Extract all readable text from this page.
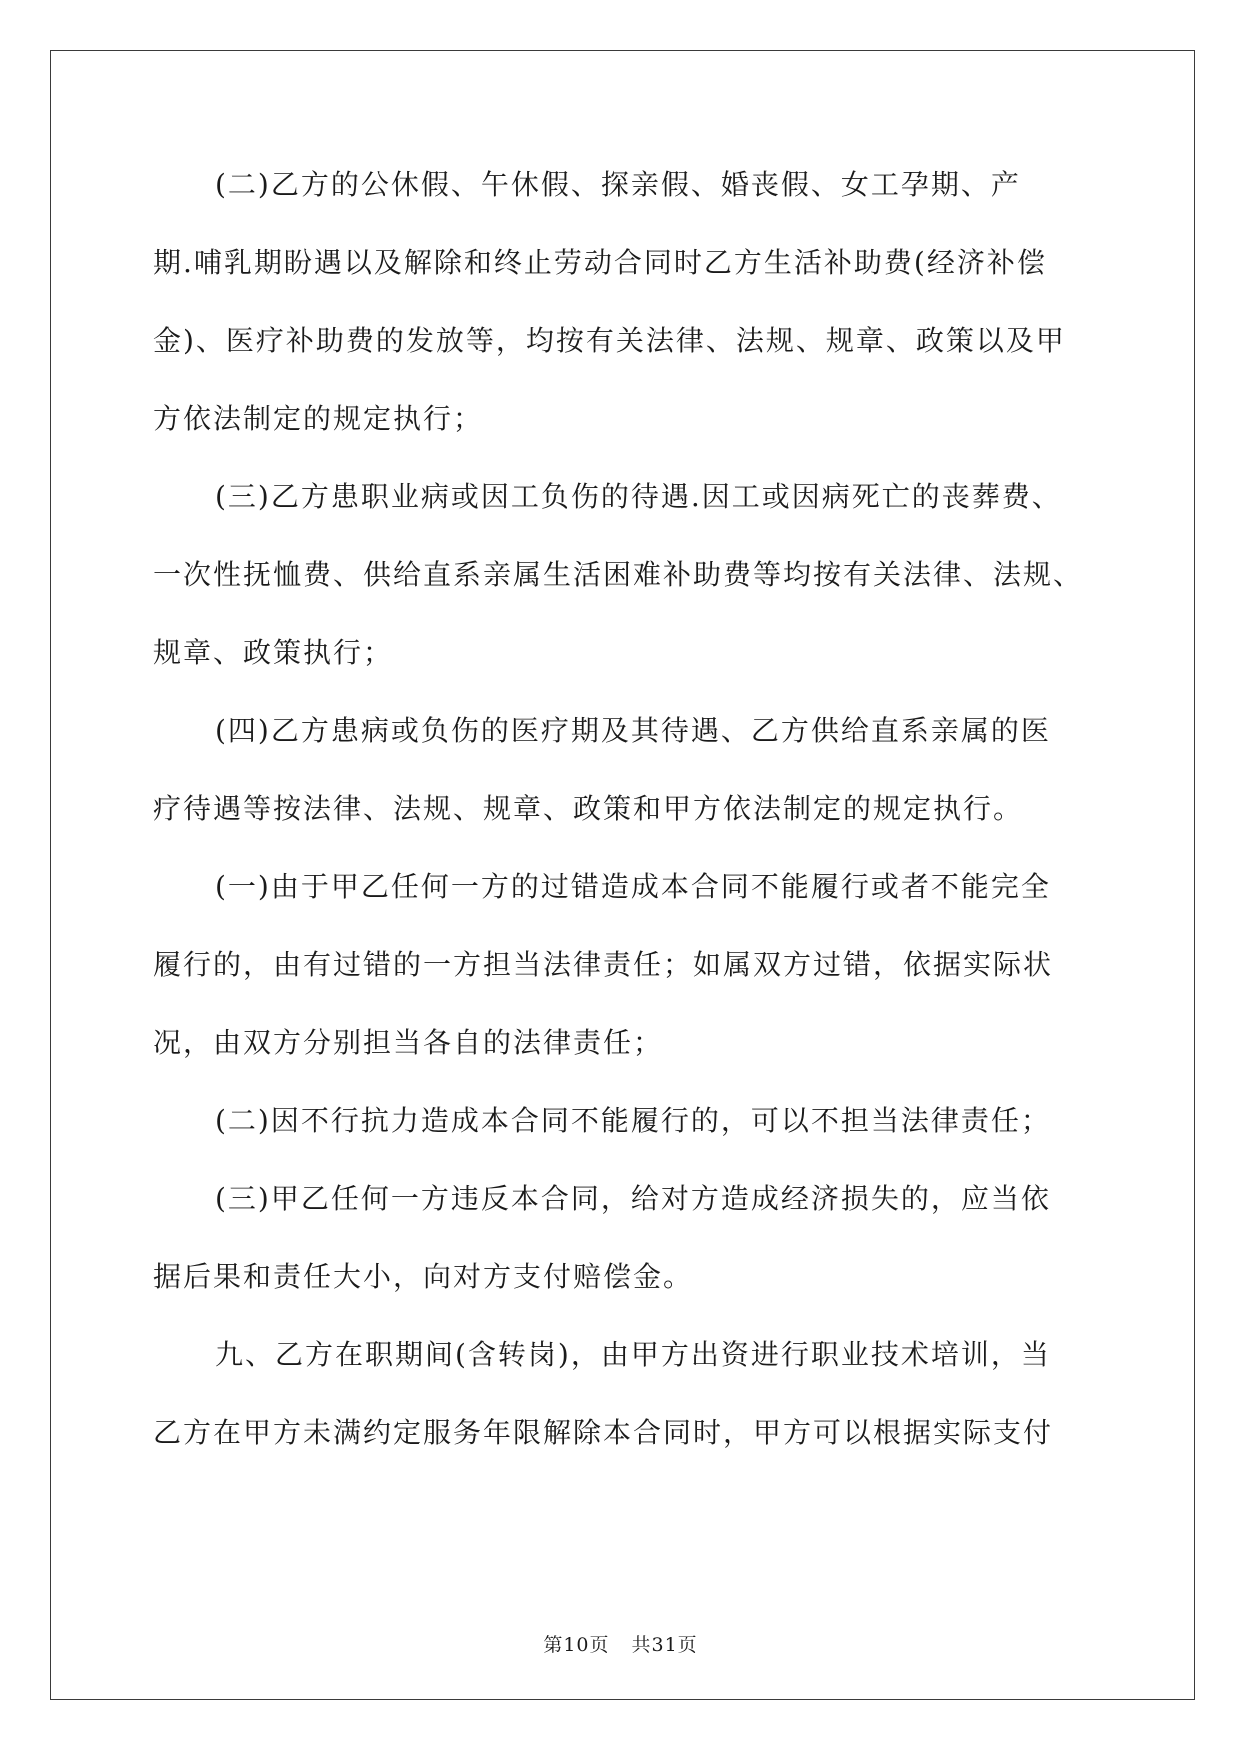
(二)乙方的公休假、午休假、探亲假、婚丧假、女工孕期、产
期.哺乳期盼遇以及解除和终止劳动合同时乙方生活补助费(经济补偿
金)、医疗补助费的发放等，均按有关法律、法规、规章、政策以及甲
方依法制定的规定执行；
(三)乙方患职业病或因工负伤的待遇.因工或因病死亡的丧葬费、
一次性抚恤费、供给直系亲属生活困难补助费等均按有关法律、法规、
规章、政策执行；
(四)乙方患病或负伤的医疗期及其待遇、乙方供给直系亲属的医
疗待遇等按法律、法规、规章、政策和甲方依法制定的规定执行。
(一)由于甲乙任何一方的过错造成本合同不能履行或者不能完全
履行的，由有过错的一方担当法律责任；如属双方过错，依据实际状
况，由双方分别担当各自的法律责任；
(二)因不行抗力造成本合同不能履行的，可以不担当法律责任；
(三)甲乙任何一方违反本合同，给对方造成经济损失的，应当依
据后果和责任大小，向对方支付赔偿金。
九、乙方在职期间(含转岗)，由甲方出资进行职业技术培训，当
乙方在甲方未满约定服务年限解除本合同时，甲方可以根据实际支付
第10页 共31页
